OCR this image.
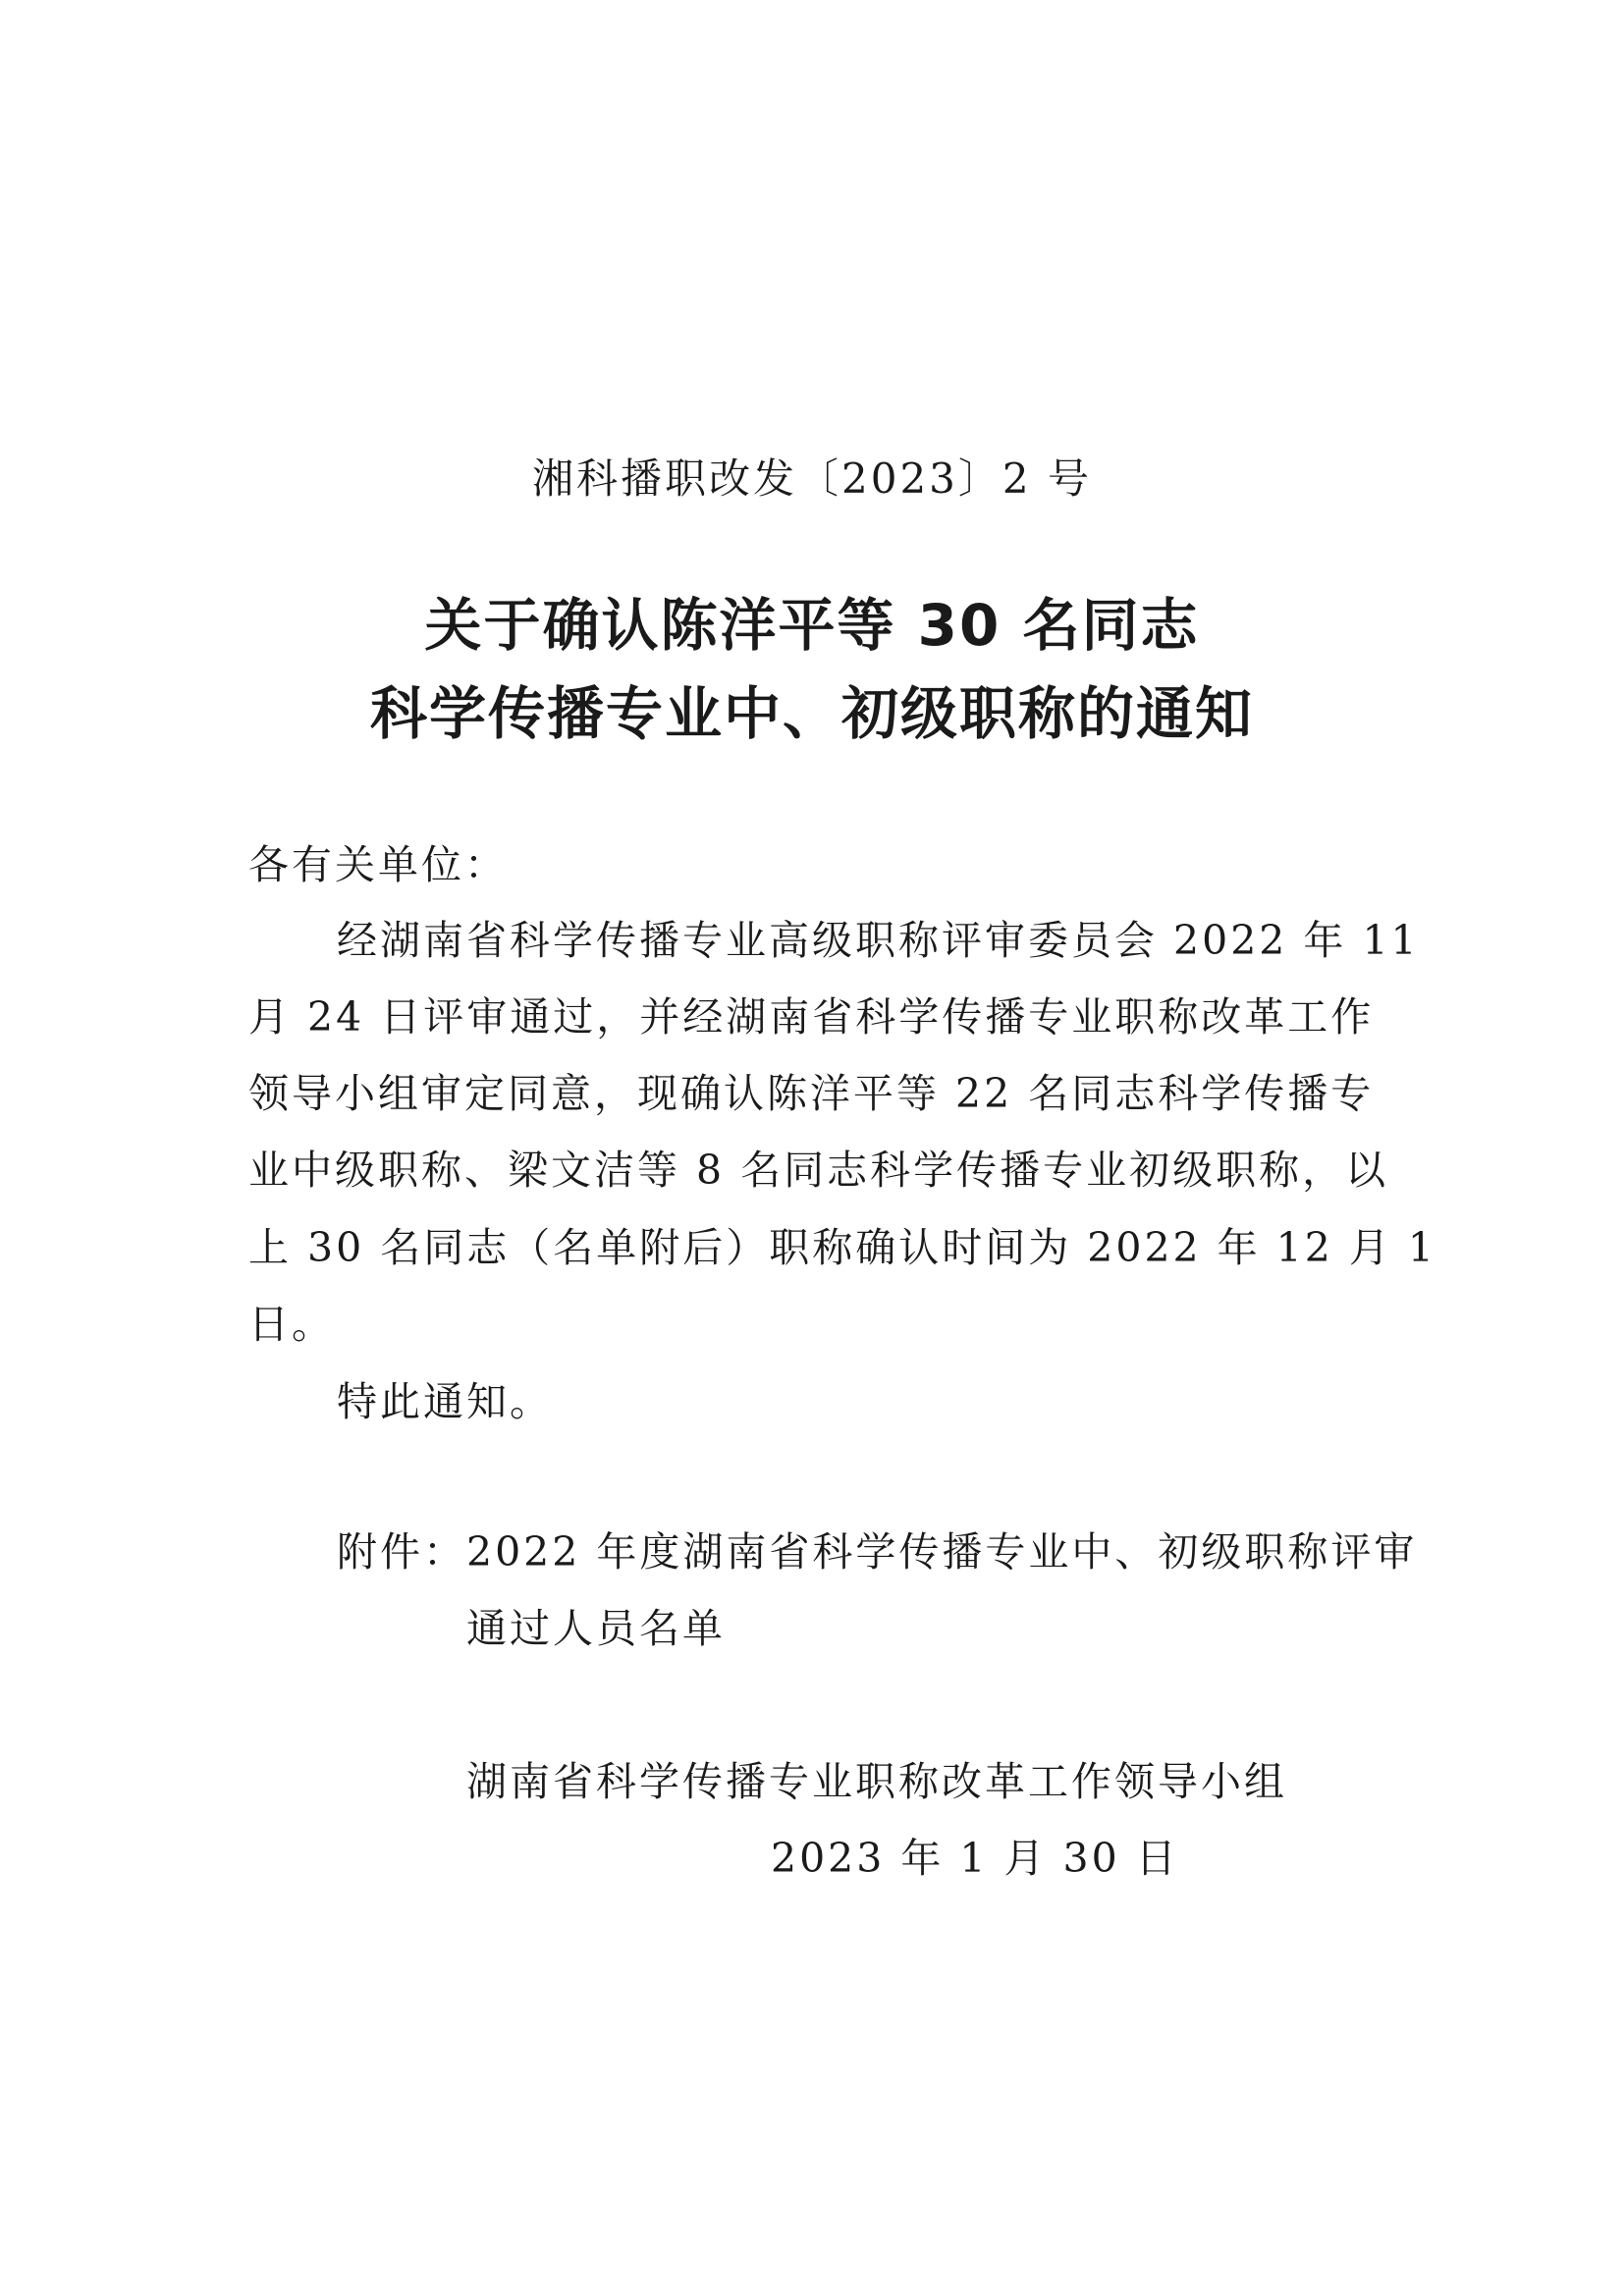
湘科播职改发〔2023〕2 号

关于确认陈洋平等 30 名同志
科学传播专业中、初级职称的通知

各有关单位：

经湖南省科学传播专业高级职称评审委员会 2022 年 11

月 24 日评审通过，并经湖南省科学传播专业职称改革工作

领导小组审定同意，现确认陈洋平等 22 名同志科学传播专

业中级职称、梁文洁等 8 名同志科学传播专业初级职称，以

上 30 名同志（名单附后）职称确认时间为 2022 年 12 月 1

日。

特此通知。

附件：2022 年度湖南省科学传播专业中、初级职称评审

通过人员名单

湖南省科学传播专业职称改革工作领导小组

2023 年 1 月 30 日
